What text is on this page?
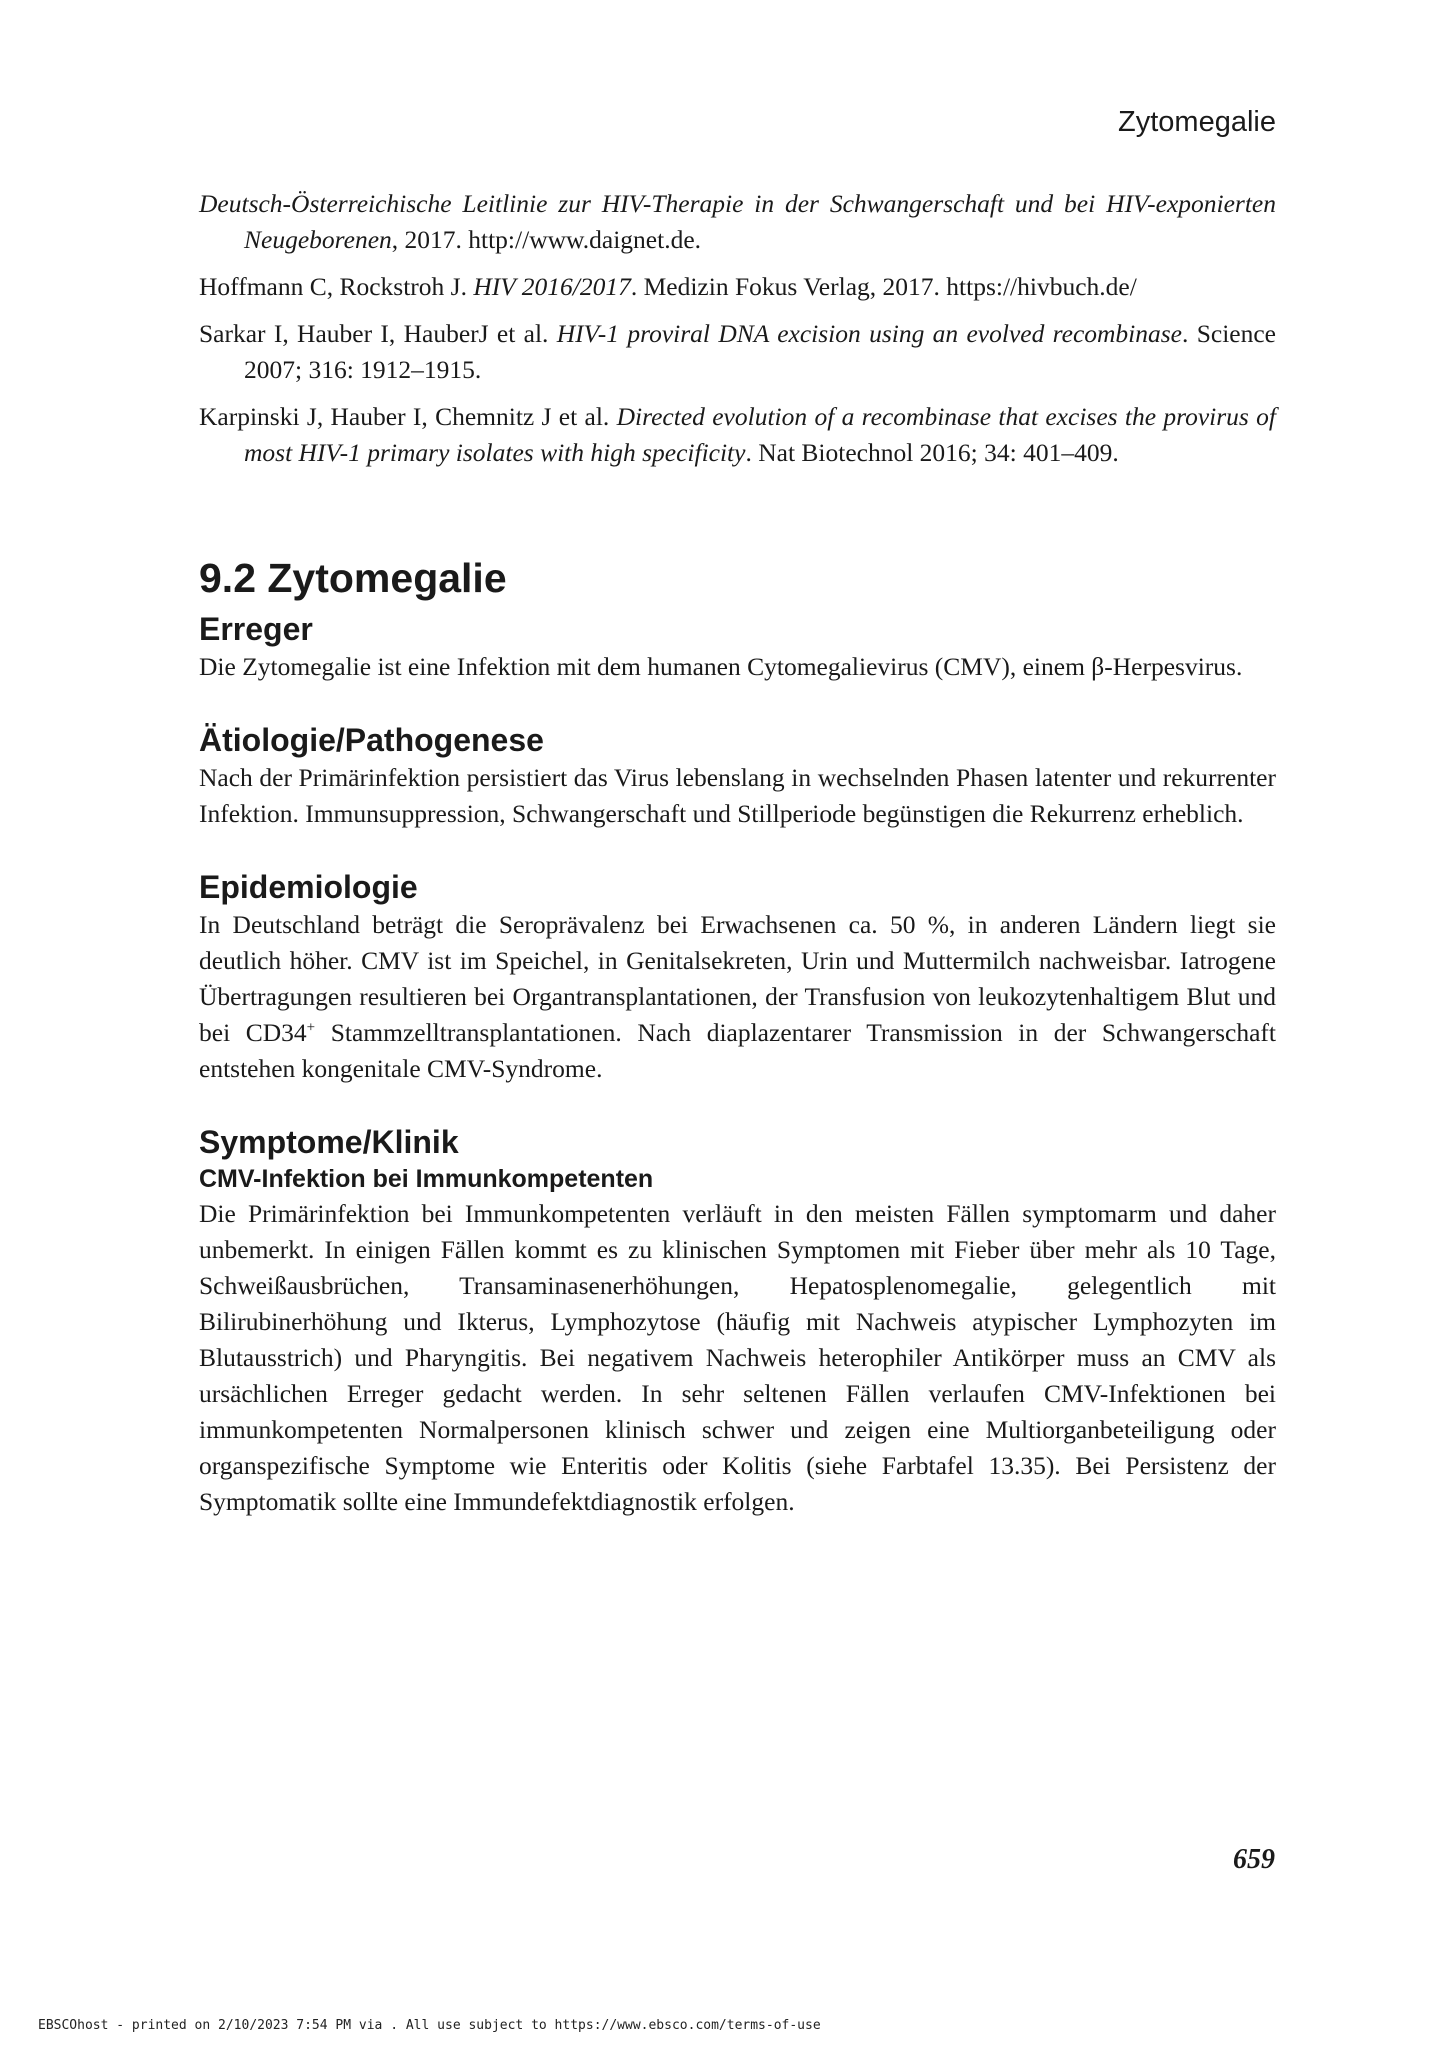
Zytomegalie

Deutsch-Österreichische Leitlinie zur HIV-Therapie in der Schwangerschaft und bei HIV-exponierten Neugeborenen, 2017. http://www.daignet.de.

Hoffmann C, Rockstroh J. HIV 2016/2017. Medizin Fokus Verlag, 2017. https://hivbuch.de/

Sarkar I, Hauber I, HauberJ et al. HIV-1 proviral DNA excision using an evolved recombinase. Science 2007; 316: 1912–1915.

Karpinski J, Hauber I, Chemnitz J et al. Directed evolution of a recombinase that excises the provirus of most HIV-1 primary isolates with high specificity. Nat Biotechnol 2016; 34: 401–409.

9.2 Zytomegalie
Erreger

Die Zytomegalie ist eine Infektion mit dem humanen Cytomegalievirus (CMV), einem β-Herpesvirus.

Ätiologie/Pathogenese

Nach der Primärinfektion persistiert das Virus lebenslang in wechselnden Phasen latenter und rekurrenter Infektion. Immunsuppression, Schwangerschaft und Stillperiode begünstigen die Rekurrenz erheblich.

Epidemiologie

In Deutschland beträgt die Seroprävalenz bei Erwachsenen ca. 50 %, in anderen Ländern liegt sie deutlich höher. CMV ist im Speichel, in Genitalsekreten, Urin und Muttermilch nachweisbar. Iatrogene Übertragungen resultieren bei Organtransplantationen, der Transfusion von leukozytenhaltigem Blut und bei CD34+ Stammzelltransplantationen. Nach diaplazentarer Transmission in der Schwangerschaft entstehen kongenitale CMV-Syndrome.

Symptome/Klinik
CMV-Infektion bei Immunkompetenten

Die Primärinfektion bei Immunkompetenten verläuft in den meisten Fällen symptomarm und daher unbemerkt. In einigen Fällen kommt es zu klinischen Symptomen mit Fieber über mehr als 10 Tage, Schweißausbrüchen, Transaminasenerhöhungen, Hepatosplenomegalie, gelegentlich mit Bilirubinerhöhung und Ikterus, Lymphozytose (häufig mit Nachweis atypischer Lymphozyten im Blutausstrich) und Pharyngitis. Bei negativem Nachweis heterophiler Antikörper muss an CMV als ursächlichen Erreger gedacht werden. In sehr seltenen Fällen verlaufen CMV-Infektionen bei immunkompetenten Normalpersonen klinisch schwer und zeigen eine Multiorganbeteiligung oder organspezifische Symptome wie Enteritis oder Kolitis (siehe Farbtafel 13.35). Bei Persistenz der Symptomatik sollte eine Immundefektdiagnostik erfolgen.

659
EBSCOhost - printed on 2/10/2023 7:54 PM via . All use subject to https://www.ebsco.com/terms-of-use
